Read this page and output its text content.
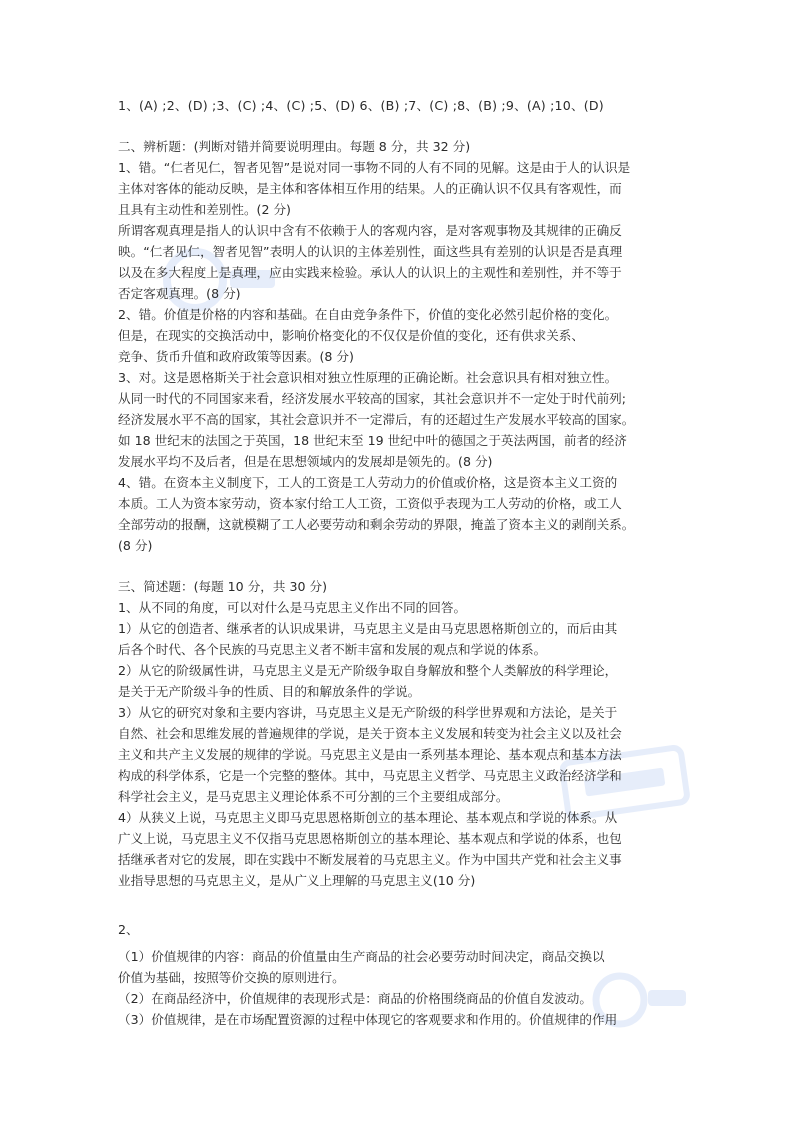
1、(A) ;2、(D) ;3、(C) ;4、(C) ;5、(D) 6、(B) ;7、(C) ;8、(B) ;9、(A) ;10、(D)

二、辨析题：(判断对错并简要说明理由。每题 8 分，共 32 分)

1、错。“仁者见仁，智者见智”是说对同一事物不同的人有不同的见解。这是由于人的认识是
主体对客体的能动反映，是主体和客体相互作用的结果。人的正确认识不仅具有客观性，而
且具有主动性和差别性。(2 分)
所谓客观真理是指人的认识中含有不依赖于人的客观内容，是对客观事物及其规律的正确反
映。“仁者见仁，智者见智”表明人的认识的主体差别性，面这些具有差别的认识是否是真理
以及在多大程度上是真理，应由实践来检验。承认人的认识上的主观性和差别性，并不等于
否定客观真理。(8 分)
2、错。价值是价格的内容和基础。在自由竞争条件下，价值的变化必然引起价格的变化。
但是，在现实的交换活动中，影响价格变化的不仅仅是价值的变化，还有供求关系、
竞争、货币升值和政府政策等因素。(8 分)
3、对。这是恩格斯关于社会意识相对独立性原理的正确论断。社会意识具有相对独立性。
从同一时代的不同国家来看，经济发展水平较高的国家，其社会意识并不一定处于时代前列;
经济发展水平不高的国家，其社会意识并不一定滞后，有的还超过生产发展水平较高的国家。
如 18 世纪末的法国之于英国，18 世纪末至 19 世纪中叶的德国之于英法两国，前者的经济
发展水平均不及后者，但是在思想领域内的发展却是领先的。(8 分)
4、错。在资本主义制度下，工人的工资是工人劳动力的价值或价格，这是资本主义工资的
本质。工人为资本家劳动，资本家付给工人工资，工资似乎表现为工人劳动的价格，或工人
全部劳动的报酬，这就模糊了工人必要劳动和剩余劳动的界限，掩盖了资本主义的剥削关系。
(8 分)

三、简述题：(每题 10 分，共 30 分)

1、从不同的角度，可以对什么是马克思主义作出不同的回答。
1）从它的创造者、继承者的认识成果讲，马克思主义是由马克思恩格斯创立的，而后由其
后各个时代、各个民族的马克思主义者不断丰富和发展的观点和学说的体系。
2）从它的阶级属性讲，马克思主义是无产阶级争取自身解放和整个人类解放的科学理论，
是关于无产阶级斗争的性质、目的和解放条件的学说。
3）从它的研究对象和主要内容讲，马克思主义是无产阶级的科学世界观和方法论，是关于
自然、社会和思维发展的普遍规律的学说，是关于资本主义发展和转变为社会主义以及社会
主义和共产主义发展的规律的学说。马克思主义是由一系列基本理论、基本观点和基本方法
构成的科学体系，它是一个完整的整体。其中，马克思主义哲学、马克思主义政治经济学和
科学社会主义，是马克思主义理论体系不可分割的三个主要组成部分。
4）从狭义上说，马克思主义即马克思恩格斯创立的基本理论、基本观点和学说的体系。从
广义上说，马克思主义不仅指马克思恩格斯创立的基本理论、基本观点和学说的体系，也包
括继承者对它的发展，即在实践中不断发展着的马克思主义。作为中国共产党和社会主义事
业指导思想的马克思主义，是从广义上理解的马克思主义(10 分)

2、

（1）价值规律的内容：商品的价值量由生产商品的社会必要劳动时间决定，商品交换以
价值为基础，按照等价交换的原则进行。
（2）在商品经济中，价值规律的表现形式是：商品的价格围绕商品的价值自发波动。
（3）价值规律，是在市场配置资源的过程中体现它的客观要求和作用的。价值规律的作用
